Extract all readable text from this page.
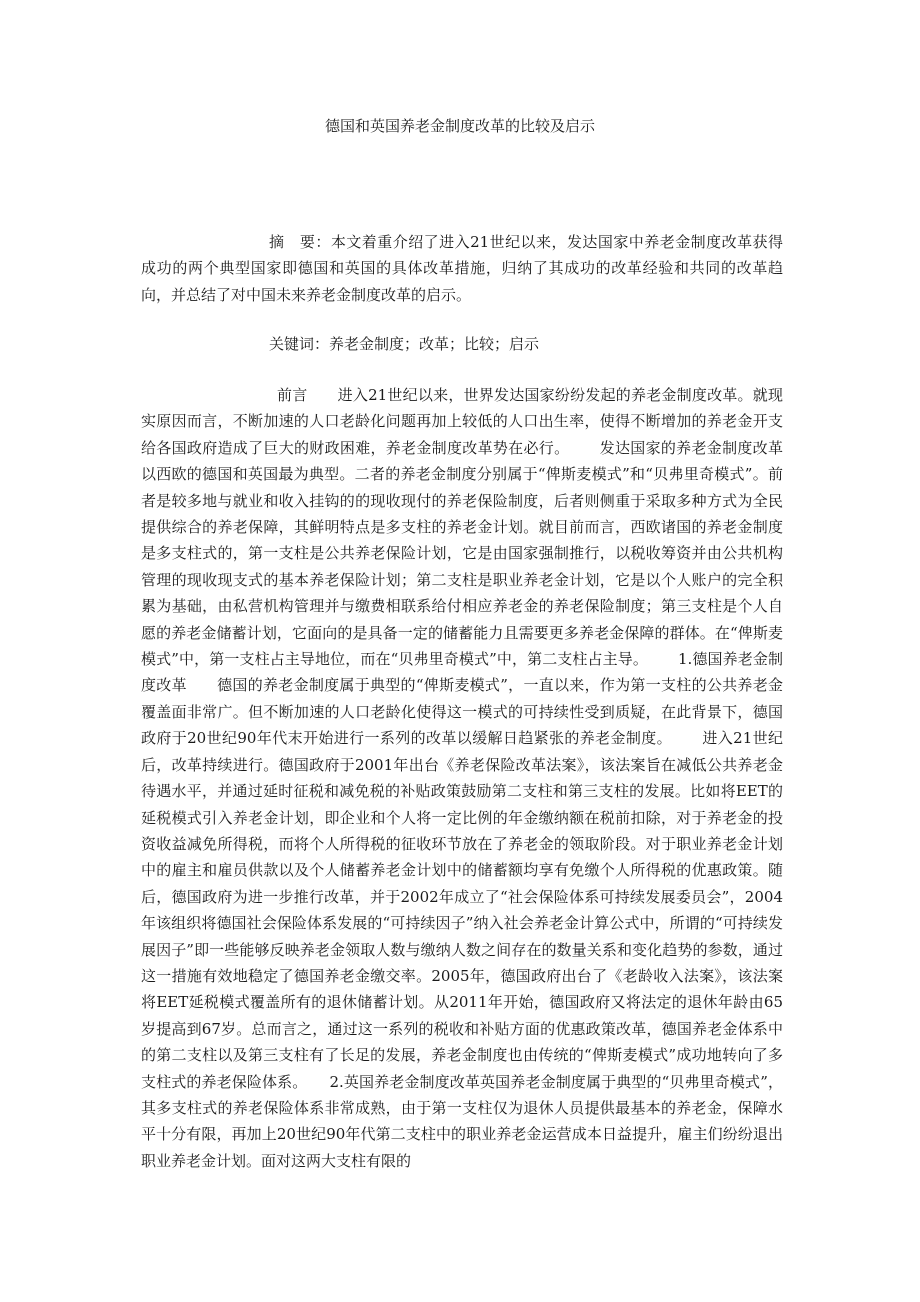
德国和英国养老金制度改革的比较及启示
摘　要：本文着重介绍了进入21世纪以来，发达国家中养老金制度改革获得成功的两个典型国家即德国和英国的具体改革措施，归纳了其成功的改革经验和共同的改革趋向，并总结了对中国未来养老金制度改革的启示。
关键词：养老金制度；改革；比较；启示
前言 进入21世纪以来，世界发达国家纷纷发起的养老金制度改革。就现实原因而言，不断加速的人口老龄化问题再加上较低的人口出生率，使得不断增加的养老金开支给各国政府造成了巨大的财政困难，养老金制度改革势在必行。 发达国家的养老金制度改革以西欧的德国和英国最为典型。二者的养老金制度分别属于“俾斯麦模式”和“贝弗里奇模式”。前者是较多地与就业和收入挂钩的的现收现付的养老保险制度，后者则侧重于采取多种方式为全民提供综合的养老保障，其鲜明特点是多支柱的养老金计划。就目前而言，西欧诸国的养老金制度是多支柱式的，第一支柱是公共养老保险计划，它是由国家强制推行，以税收筹资并由公共机构管理的现收现支式的基本养老保险计划；第二支柱是职业养老金计划，它是以个人账户的完全积累为基础，由私营机构管理并与缴费相联系给付相应养老金的养老保险制度；第三支柱是个人自愿的养老金储蓄计划，它面向的是具备一定的储蓄能力且需要更多养老金保障的群体。在“俾斯麦模式”中，第一支柱占主导地位，而在“贝弗里奇模式”中，第二支柱占主导。 1.德国养老金制度改革 德国的养老金制度属于典型的“俾斯麦模式”，一直以来，作为第一支柱的公共养老金覆盖面非常广。但不断加速的人口老龄化使得这一模式的可持续性受到质疑，在此背景下，德国政府于20世纪90年代末开始进行一系列的改革以缓解日趋紧张的养老金制度。 进入21世纪后，改革持续进行。德国政府于2001年出台《养老保险改革法案》，该法案旨在减低公共养老金待遇水平，并通过延时征税和减免税的补贴政策鼓励第二支柱和第三支柱的发展。比如将EET的延税模式引入养老金计划，即企业和个人将一定比例的年金缴纳额在税前扣除，对于养老金的投资收益减免所得税，而将个人所得税的征收环节放在了养老金的领取阶段。对于职业养老金计划中的雇主和雇员供款以及个人储蓄养老金计划中的储蓄额均享有免缴个人所得税的优惠政策。随后，德国政府为进一步推行改革，并于2002年成立了“社会保险体系可持续发展委员会”，2004年该组织将德国社会保险体系发展的“可持续因子”纳入社会养老金计算公式中，所谓的“可持续发展因子”即一些能够反映养老金领取人数与缴纳人数之间存在的数量关系和变化趋势的参数，通过这一措施有效地稳定了德国养老金缴交率。2005年，德国政府出台了《老龄收入法案》，该法案将EET延税模式覆盖所有的退休储蓄计划。从2011年开始，德国政府又将法定的退休年龄由65岁提高到67岁。总而言之，通过这一系列的税收和补贴方面的优惠政策改革，德国养老金体系中的第二支柱以及第三支柱有了长足的发展，养老金制度也由传统的“俾斯麦模式”成功地转向了多支柱式的养老保险体系。 2.英国养老金制度改革英国养老金制度属于典型的“贝弗里奇模式”，其多支柱式的养老保险体系非常成熟，由于第一支柱仅为退休人员提供最基本的养老金，保障水平十分有限，再加上20世纪90年代第二支柱中的职业养老金运营成本日益提升，雇主们纷纷退出职业养老金计划。面对这两大支柱有限的
